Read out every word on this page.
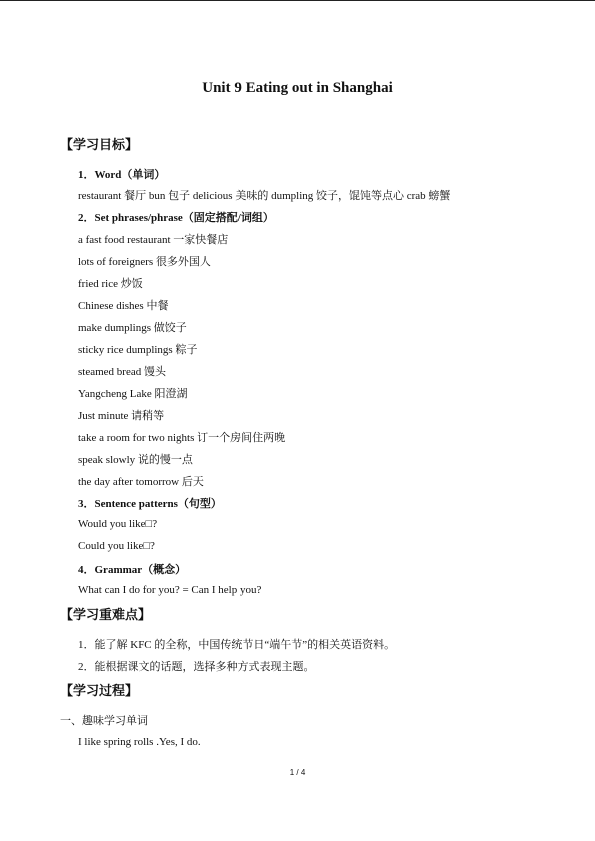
Unit 9 Eating out in Shanghai
【学习目标】
1．Word（单词）
restaurant 餐厅 bun 包子 delicious 美味的 dumpling 饺子，馄饨等点心 crab 螃蟹
2．Set phrases/phrase（固定搭配/词组）
a fast food restaurant 一家快餐店
lots of foreigners 很多外国人
fried rice 炒饭
Chinese dishes 中餐
make dumplings 做饺子
sticky rice dumplings 粽子
steamed bread 馒头
Yangcheng Lake 阳澄湖
Just minute 请稍等
take a room for two nights 订一个房间住两晚
speak slowly 说的慢一点
the day after tomorrow 后天
3．Sentence patterns（句型）
Would you like□?
Could you like□?
4．Grammar（概念）
What can I do for you? = Can I help you?
【学习重难点】
1．能了解 KFC 的全称，中国传统节日“端午节”的相关英语资料。
2．能根据课文的话题，选择多种方式表现主题。
【学习过程】
一、趣味学习单词
I like spring rolls .Yes, I do.
1 / 4
